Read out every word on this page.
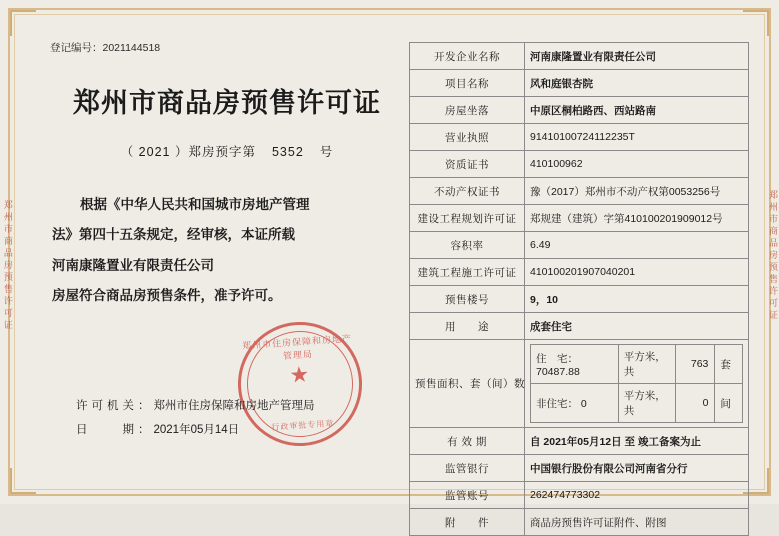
郑州市商品房预售许可证	郑州市商品房预售许可证
登记编号：2021144518
郑州市商品房预售许可证
（ 2021 ）郑房预字第 5352 号

根据《中华人民共和国城市房地产管理

法》第四十五条规定，经审核，本证所载

河南康隆置业有限责任公司

房屋符合商品房预售条件，准予许可。

郑州市住房保障和房地产管理局
★
行政审批专用章
许可机关：郑州市住房保障和房地产管理局
日　　期：2021年05月14日
开发企业名称	河南康隆置业有限责任公司
项目名称	风和庭银杏院
房屋坐落	中原区桐柏路西、西站路南
营业执照	91410100724112235T
资质证书	410100962
不动产权证书	豫（2017）郑州市不动产权第0053256号
建设工程规划许可证	郑规建（建筑）字第410100201909012号
容积率	6.49
建筑工程施工许可证	410100201907040201
预售楼号	9，10
用　　途	成套住宅
预售面积、套（间）数	
住　宅： 70487.88	平方米，共	763	套
非住宅： 0	平方米，共	0	间

有 效 期	自 2021年05月12日 至 竣工备案为止
监管银行	中国银行股份有限公司河南省分行
监管账号	262474773302
附　　件	商品房预售许可证附件、附图
